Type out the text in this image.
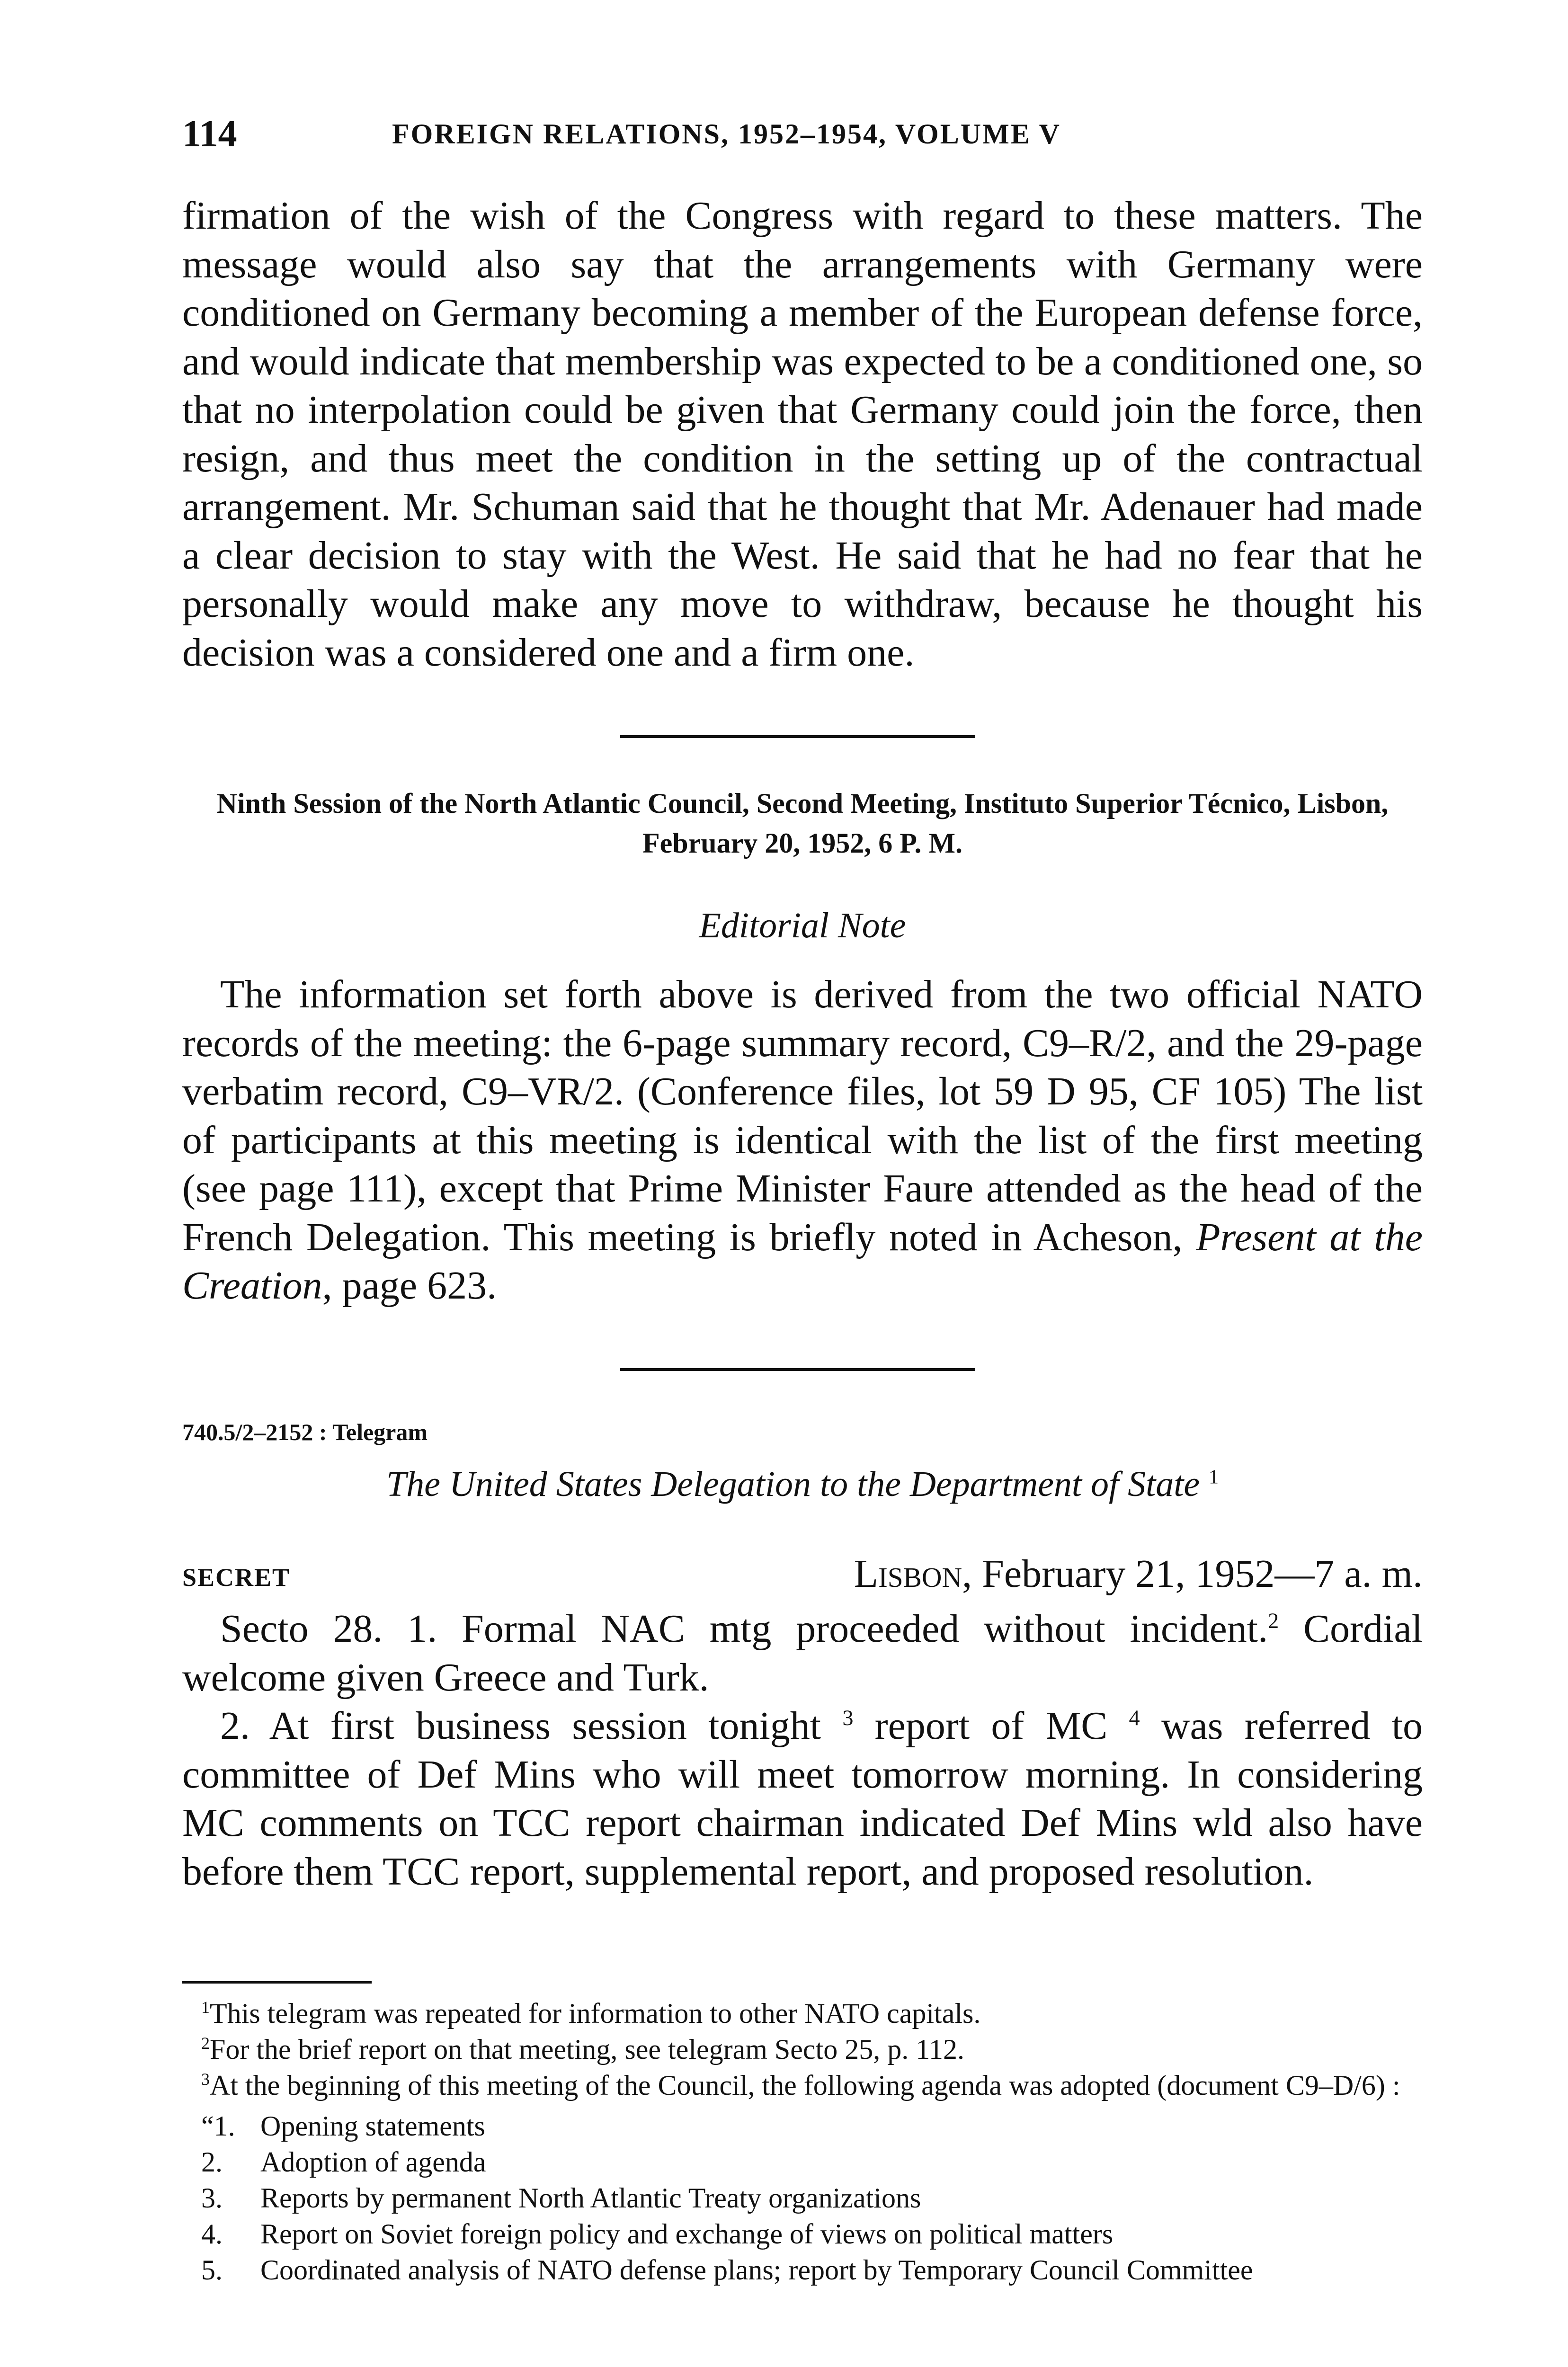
114	FOREIGN RELATIONS, 1952–1954, VOLUME V

firmation of the wish of the Congress with regard to these matters. The message would also say that the arrangements with Germany were conditioned on Germany becoming a member of the European defense force, and would indicate that membership was expected to be a conditioned one, so that no interpolation could be given that Germany could join the force, then resign, and thus meet the condition in the setting up of the contractual arrangement. Mr. Schuman said that he thought that Mr. Adenauer had made a clear decision to stay with the West. He said that he had no fear that he personally would make any move to withdraw, because he thought his decision was a considered one and a firm one.

Ninth Session of the North Atlantic Council, Second Meeting, Instituto Superior Técnico, Lisbon, February 20, 1952, 6 P. M.
Editorial Note

The information set forth above is derived from the two official NATO records of the meeting: the 6-page summary record, C9–R/2, and the 29-page verbatim record, C9–VR/2. (Conference files, lot 59 D 95, CF 105) The list of participants at this meeting is identical with the list of the first meeting (see page 111), except that Prime Minister Faure attended as the head of the French Delegation. This meeting is briefly noted in Acheson, Present at the Creation, page 623.

740.5/2–2152 : Telegram
The United States Delegation to the Department of State $^1$
SECRET	Lisbon, February 21, 1952—7 a. m.

Secto 28. 1. Formal NAC mtg proceeded without incident.$^2$ Cordial welcome given Greece and Turk.

2. At first business session tonight $^3$ report of MC $^4$ was referred to committee of Def Mins who will meet tomorrow morning. In considering MC comments on TCC report chairman indicated Def Mins wld also have before them TCC report, supplemental report, and proposed resolution.

$^1$This telegram was repeated for information to other NATO capitals.

$^2$For the brief report on that meeting, see telegram Secto 25, p. 112.

$^3$At the beginning of this meeting of the Council, the following agenda was adopted (document C9–D/6) :

“1. Opening statements
2. Adoption of agenda
3. Reports by permanent North Atlantic Treaty organizations
4. Report on Soviet foreign policy and exchange of views on political matters
5. Coordinated analysis of NATO defense plans; report by Temporary Council Committee
